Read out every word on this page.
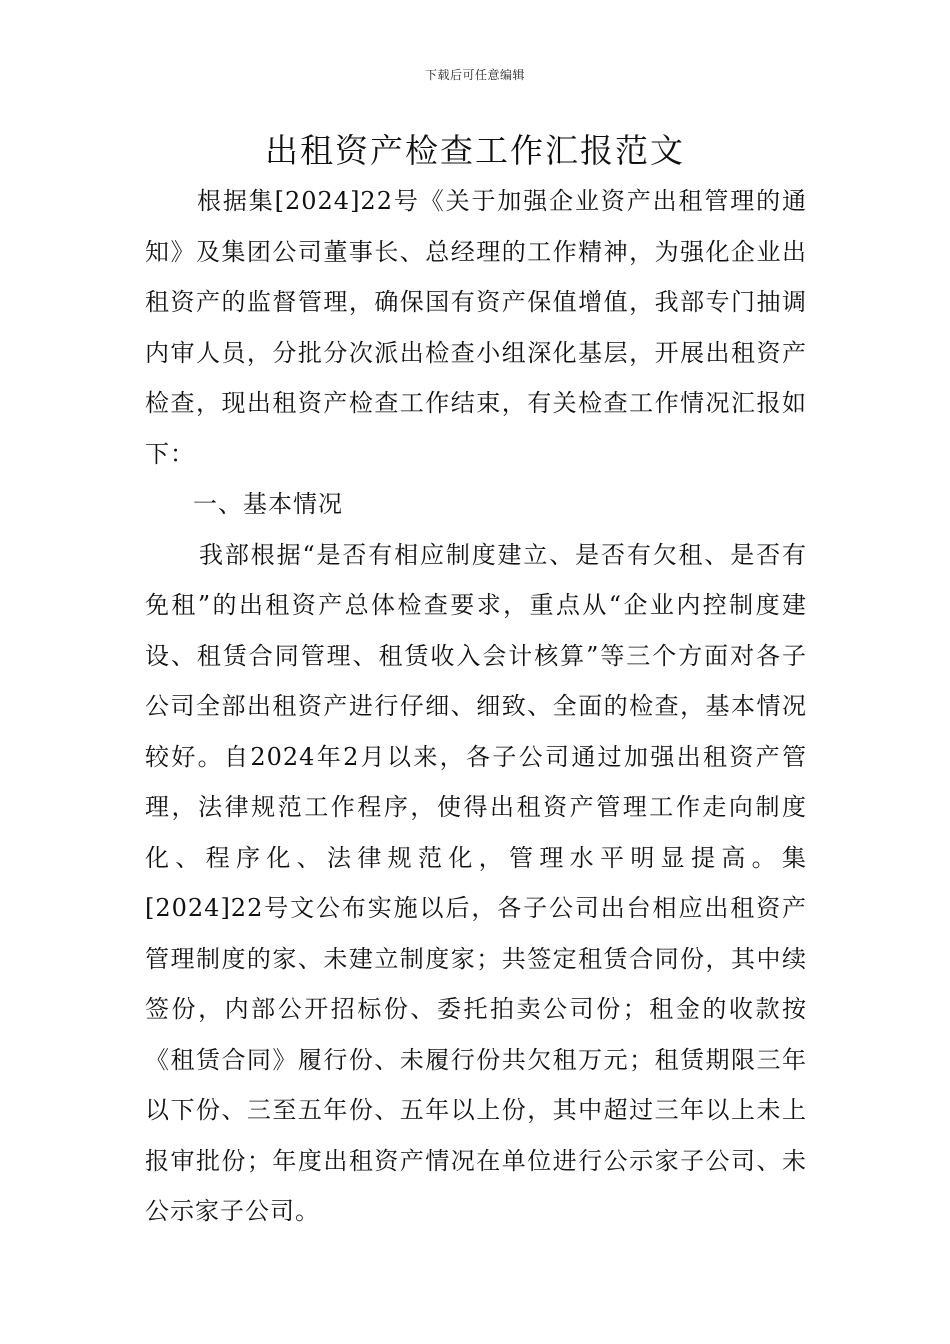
下载后可任意编辑
出租资产检查工作汇报范文

根据集[2024]22号《关于加强企业资产出租管理的通知》及集团公司董事长、总经理的工作精神，为强化企业出租资产的监督管理，确保国有资产保值增值，我部专门抽调内审人员，分批分次派出检查小组深化基层，开展出租资产检查，现出租资产检查工作结束，有关检查工作情况汇报如下：

一、基本情况

我部根据“是否有相应制度建立、是否有欠租、是否有免租”的出租资产总体检查要求，重点从“企业内控制度建设、租赁合同管理、租赁收入会计核算”等三个方面对各子公司全部出租资产进行仔细、细致、全面的检查，基本情况较好。自2024年2月以来，各子公司通过加强出租资产管理，法律规范工作程序，使得出租资产管理工作走向制度化、程序化、法律规范化，管理水平明显提高。集[2024]22号文公布实施以后，各子公司出台相应出租资产管理制度的家、未建立制度家；共签定租赁合同份，其中续签份，内部公开招标份、委托拍卖公司份；租金的收款按《租赁合同》履行份、未履行份共欠租万元；租赁期限三年以下份、三至五年份、五年以上份，其中超过三年以上未上报审批份；年度出租资产情况在单位进行公示家子公司、未公示家子公司。
